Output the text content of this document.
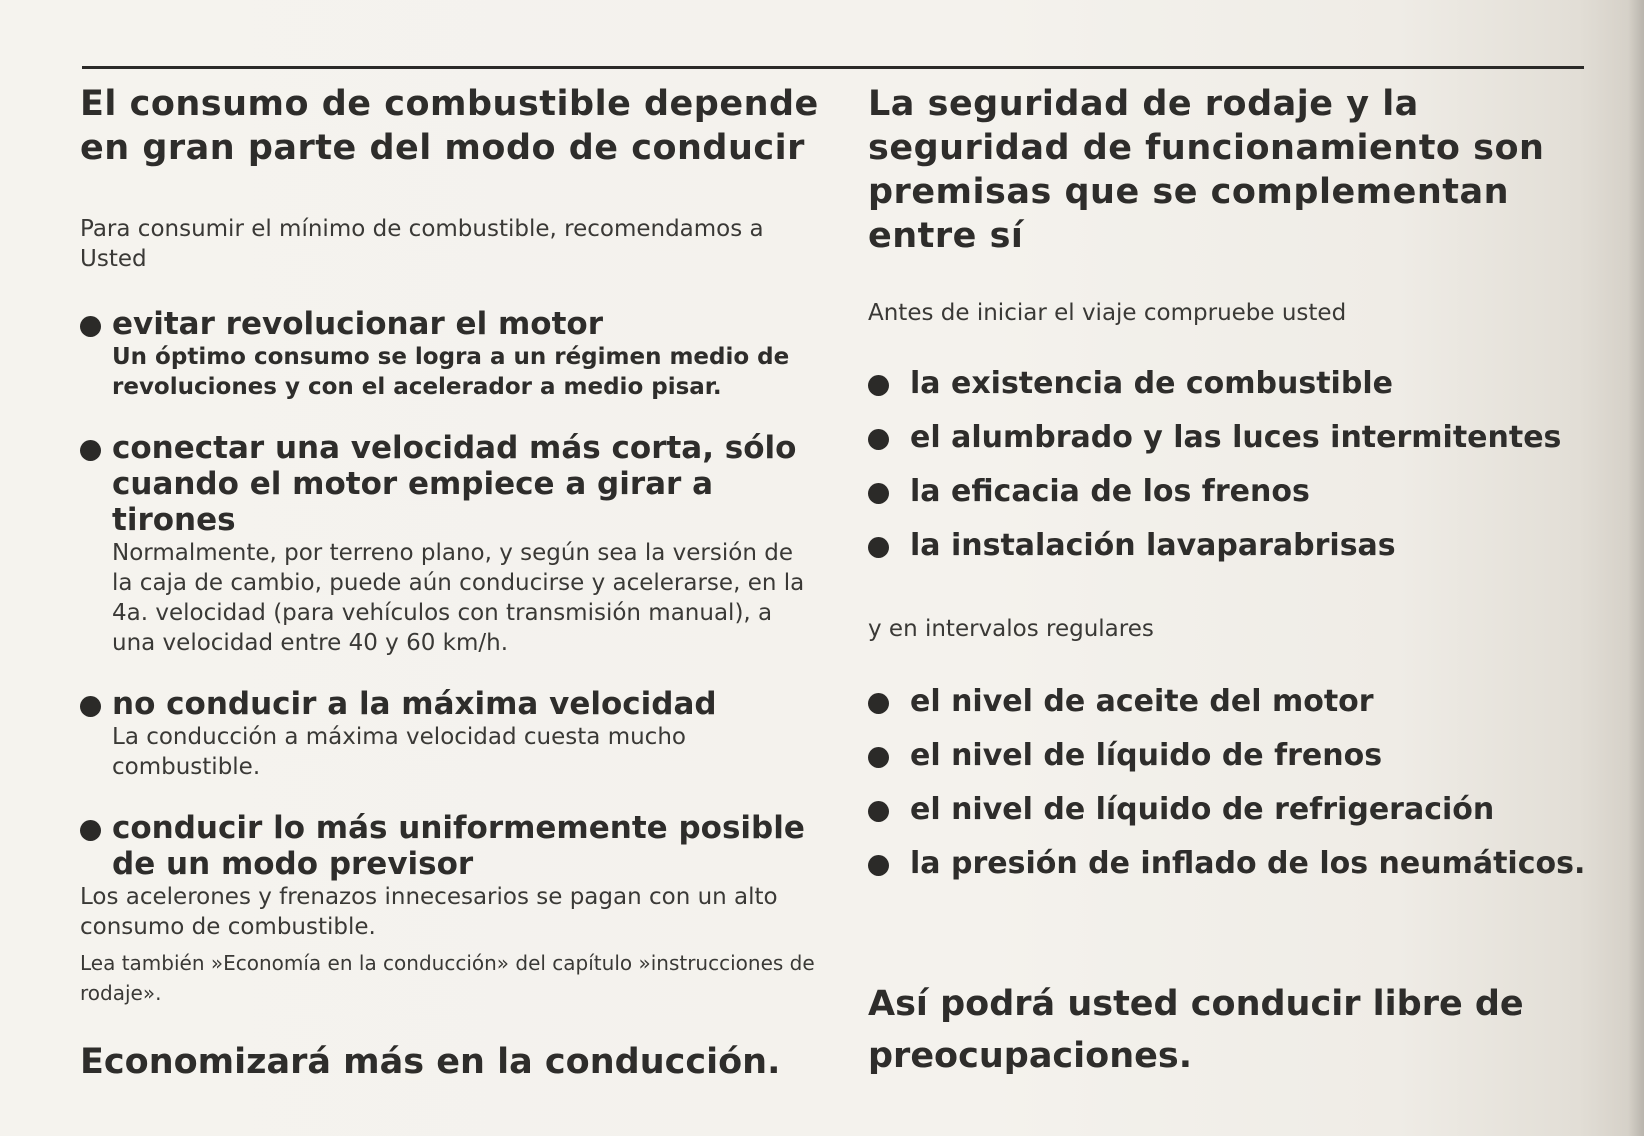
El consumo de combustible depende en gran parte del modo de conducir

Para consumir el mínimo de combustible, recomendamos a Usted

evitar revolucionar el motor
Un óptimo consumo se logra a un régimen medio de revoluciones y con el acelerador a medio pisar.
conectar una velocidad más corta, sólo cuando el motor empiece a girar a tirones
Normalmente, por terreno plano, y según sea la versión de la caja de cambio, puede aún conducirse y acelerarse, en la 4a. velocidad (para vehículos con transmisión manual), a una velocidad entre 40 y 60 km/h.
no conducir a la máxima velocidad
La conducción a máxima velocidad cuesta mucho combustible.
conducir lo más uniformemente posible de un modo previsor

Los acelerones y frenazos innecesarios se pagan con un alto consumo de combustible.

Lea también »Economía en la conducción» del capítulo »instrucciones de rodaje».

Economizará más en la conducción.

La seguridad de rodaje y la seguridad de funcionamiento son premisas que se complementan entre sí

Antes de iniciar el viaje compruebe usted

la existencia de combustible
el alumbrado y las luces intermitentes
la eficacia de los frenos
la instalación lavaparabrisas

y en intervalos regulares

el nivel de aceite del motor
el nivel de líquido de frenos
el nivel de líquido de refrigeración
la presión de inflado de los neumáticos.

Así podrá usted conducir libre de preocupaciones.
